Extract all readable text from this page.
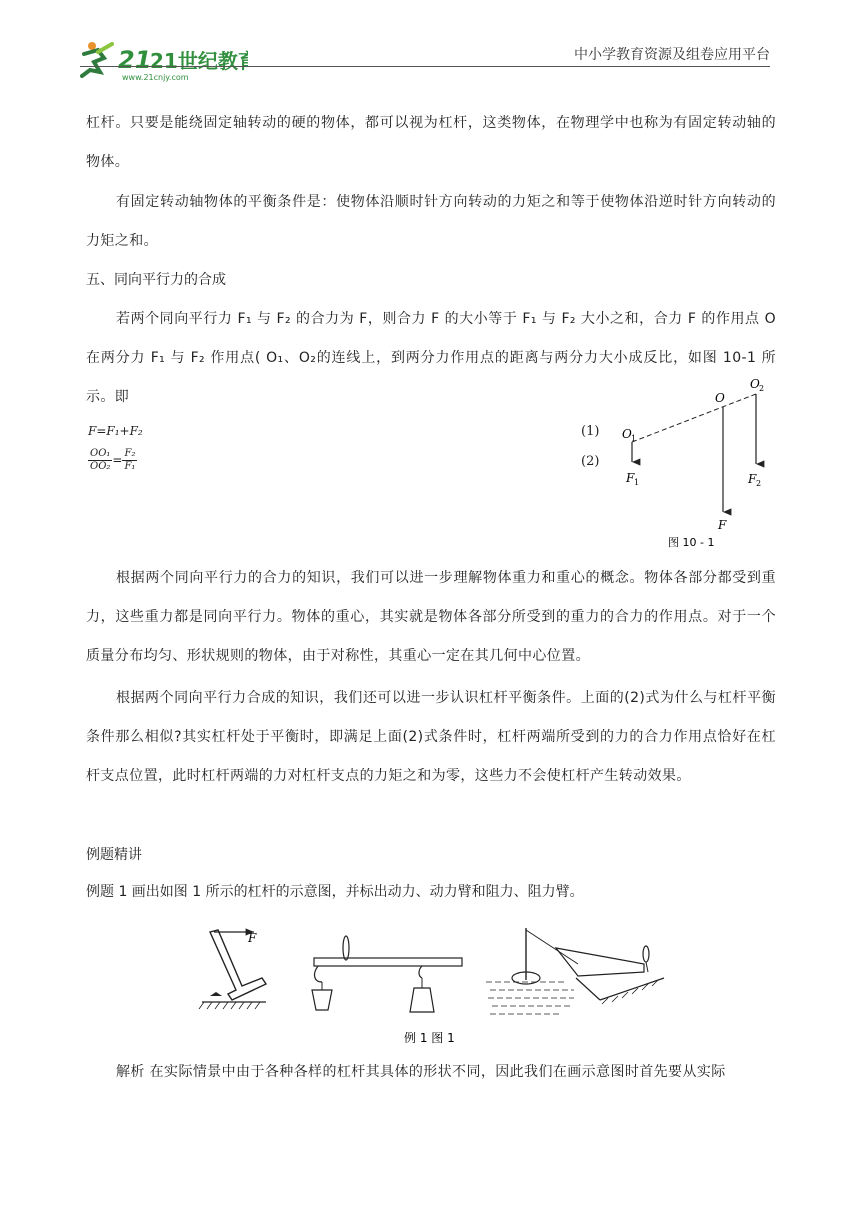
21
21世纪教育
www.21cnjy.com
中小学教育资源及组卷应用平台
杠杆。只要是能绕固定轴转动的硬的物体，都可以视为杠杆，这类物体，在物理学中也称为有固定转动轴的物体。
有固定转动轴物体的平衡条件是：使物体沿顺时针方向转动的力矩之和等于使物体沿逆时针方向转动的力矩之和。
五、同向平行力的合成
若两个同向平行力 F₁ 与 F₂ 的合力为 F，则合力 F 的大小等于 F₁ 与 F₂ 大小之和，合力 F 的作用点 O 在两分力 F₁ 与 F₂ 作用点( O₁、O₂的连线上，到两分力作用点的距离与两分力大小成反比，如图 10-1 所示。即
F=F₁+F₂
$\frac{\text{OO₁}}{\text{OO₂}} = \frac{\text{F₂}}{\text{F₁}}$
(1)
(2)
O
O 1
O 2
F 1	F 2
F
图 10 - 1
根据两个同向平行力的合力的知识，我们可以进一步理解物体重力和重心的概念。物体各部分都受到重力，这些重力都是同向平行力。物体的重心，其实就是物体各部分所受到的重力的合力的作用点。对于一个质量分布均匀、形状规则的物体，由于对称性，其重心一定在其几何中心位置。
根据两个同向平行力合成的知识，我们还可以进一步认识杠杆平衡条件。上面的(2)式为什么与杠杆平衡条件那么相似?其实杠杆处于平衡时，即满足上面(2)式条件时，杠杆两端所受到的力的合力作用点恰好在杠杆支点位置，此时杠杆两端的力对杠杆支点的力矩之和为零，这些力不会使杠杆产生转动效果。
例题精讲
例题 1 画出如图 1 所示的杠杆的示意图，并标出动力、动力臂和阻力、阻力臂。
F
例 1 图 1
解析 在实际情景中由于各种各样的杠杆其具体的形状不同，因此我们在画示意图时首先要从实际
